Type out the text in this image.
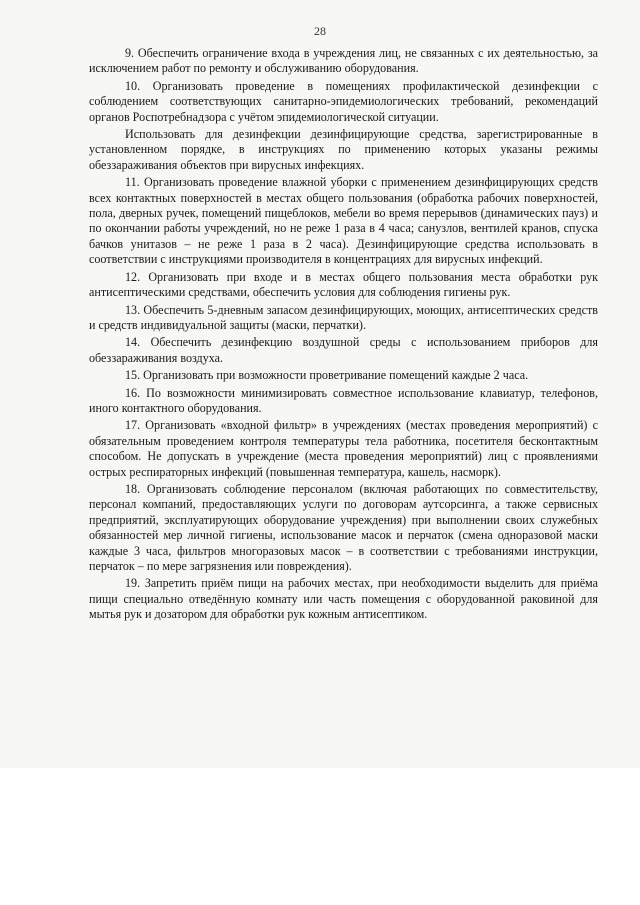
28

9. Обеспечить ограничение входа в учреждения лиц, не связанных с их деятельностью, за исключением работ по ремонту и обслуживанию оборудования.

10. Организовать проведение в помещениях профилактической дезинфекции с соблюдением соответствующих санитарно-эпидемиологических требований, рекомендаций органов Роспотребнадзора с учётом эпидемиологической ситуации.

Использовать для дезинфекции дезинфицирующие средства, зарегистрированные в установленном порядке, в инструкциях по применению которых указаны режимы обеззараживания объектов при вирусных инфекциях.

11. Организовать проведение влажной уборки с применением дезинфицирующих средств всех контактных поверхностей в местах общего пользования (обработка рабочих поверхностей, пола, дверных ручек, помещений пищеблоков, мебели во время перерывов (динамических пауз) и по окончании работы учреждений, но не реже 1 раза в 4 часа; санузлов, вентилей кранов, спуска бачков унитазов – не реже 1 раза в 2 часа). Дезинфицирующие средства использовать в соответствии с инструкциями производителя в концентрациях для вирусных инфекций.

12. Организовать при входе и в местах общего пользования места обработки рук антисептическими средствами, обеспечить условия для соблюдения гигиены рук.

13. Обеспечить 5-дневным запасом дезинфицирующих, моющих, антисептических средств и средств индивидуальной защиты (маски, перчатки).

14. Обеспечить дезинфекцию воздушной среды с использованием приборов для обеззараживания воздуха.

15. Организовать при возможности проветривание помещений каждые 2 часа.

16. По возможности минимизировать совместное использование клавиатур, телефонов, иного контактного оборудования.

17. Организовать «входной фильтр» в учреждениях (местах проведения мероприятий) с обязательным проведением контроля температуры тела работника, посетителя бесконтактным способом. Не допускать в учреждение (места проведения мероприятий) лиц с проявлениями острых респираторных инфекций (повышенная температура, кашель, насморк).

18. Организовать соблюдение персоналом (включая работающих по совместительству, персонал компаний, предоставляющих услуги по договорам аутсорсинга, а также сервисных предприятий, эксплуатирующих оборудование учреждения) при выполнении своих служебных обязанностей мер личной гигиены, использование масок и перчаток (смена одноразовой маски каждые 3 часа, фильтров многоразовых масок – в соответствии с требованиями инструкции, перчаток – по мере загрязнения или повреждения).

19. Запретить приём пищи на рабочих местах, при необходимости выделить для приёма пищи специально отведённую комнату или часть помещения с оборудованной раковиной для мытья рук и дозатором для обработки рук кожным антисептиком.
